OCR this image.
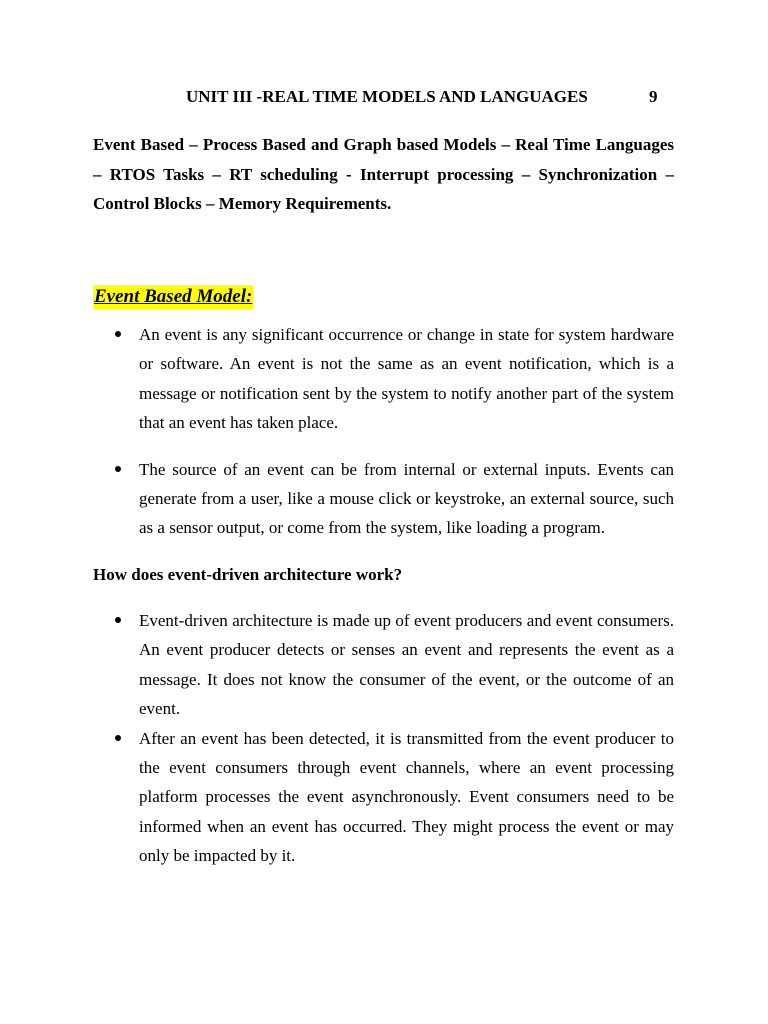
UNIT III -REAL TIME MODELS AND LANGUAGES	9
Event Based – Process Based and Graph based Models – Real Time Languages – RTOS Tasks – RT scheduling - Interrupt processing – Synchronization – Control Blocks – Memory Requirements.
Event Based Model:
An event is any significant occurrence or change in state for system hardware or software. An event is not the same as an event notification, which is a message or notification sent by the system to notify another part of the system that an event has taken place.
The source of an event can be from internal or external inputs. Events can generate from a user, like a mouse click or keystroke, an external source, such as a sensor output, or come from the system, like loading a program.
How does event-driven architecture work?
Event-driven architecture is made up of event producers and event consumers. An event producer detects or senses an event and represents the event as a message. It does not know the consumer of the event, or the outcome of an event.
After an event has been detected, it is transmitted from the event producer to the event consumers through event channels, where an event processing platform processes the event asynchronously. Event consumers need to be informed when an event has occurred. They might process the event or may only be impacted by it.
